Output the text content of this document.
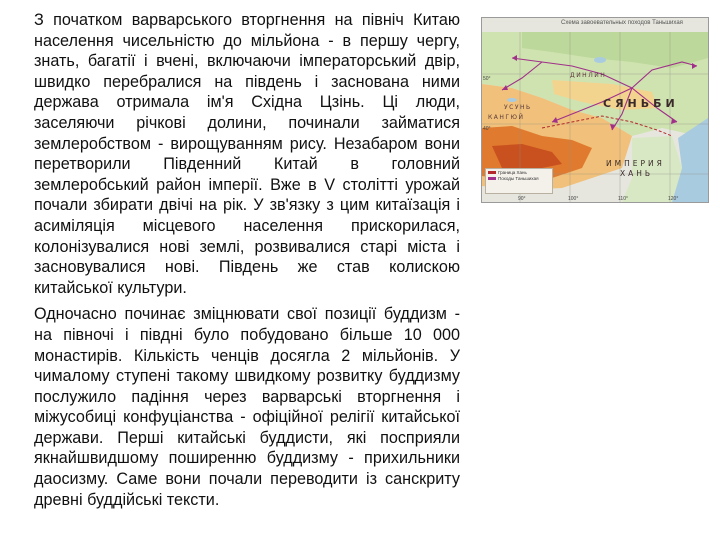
З початком варварського вторгнення на північ Китаю населення чисельністю до мільйона - в першу чергу, знать, багатії і вчені, включаючи імператорський двір, швидко перебралися на південь і заснована ними держава отримала ім'я Східна Цзінь. Ці люди, заселяючи річкові долини, починали займатися землеробством - вирощуванням рису. Незабаром вони перетворили Південний Китай в головний землеробський район імперії. Вже в V столітті урожай почали збирати двічі на рік. У зв'язку з цим китаїзація і асиміляція місцевого населення прискорилася, колонізувалися нові землі, розвивалися старі міста і засновувалися нові. Південь же став колискою китайської культури.

Одночасно починає зміцнювати свої позиції буддизм - на півночі і півдні було побудовано більше 10 000 монастирів. Кількість ченців досягла 2 мільйонів. У чималому ступені такому швидкому розвитку буддизму послужило падіння через варварські вторгнення і міжусобиці конфуціанства - офіційної релігії китайської держави. Перші китайські буддисти, які посприяли якнайшвидшому поширенню буддизму - прихильники даосизму. Саме вони почали переводити із санскриту древні буддійські тексти.

Схема завоевательных походов Таньшихая
СЯНЬБИ
ИМПЕРИЯ
ХАНЬ
ДИНЛИН
УСУНЬ
КАНГЮЙ
90°	100°	110°	120°
50°
40°
Граница Хань
Походы Таньшихая
